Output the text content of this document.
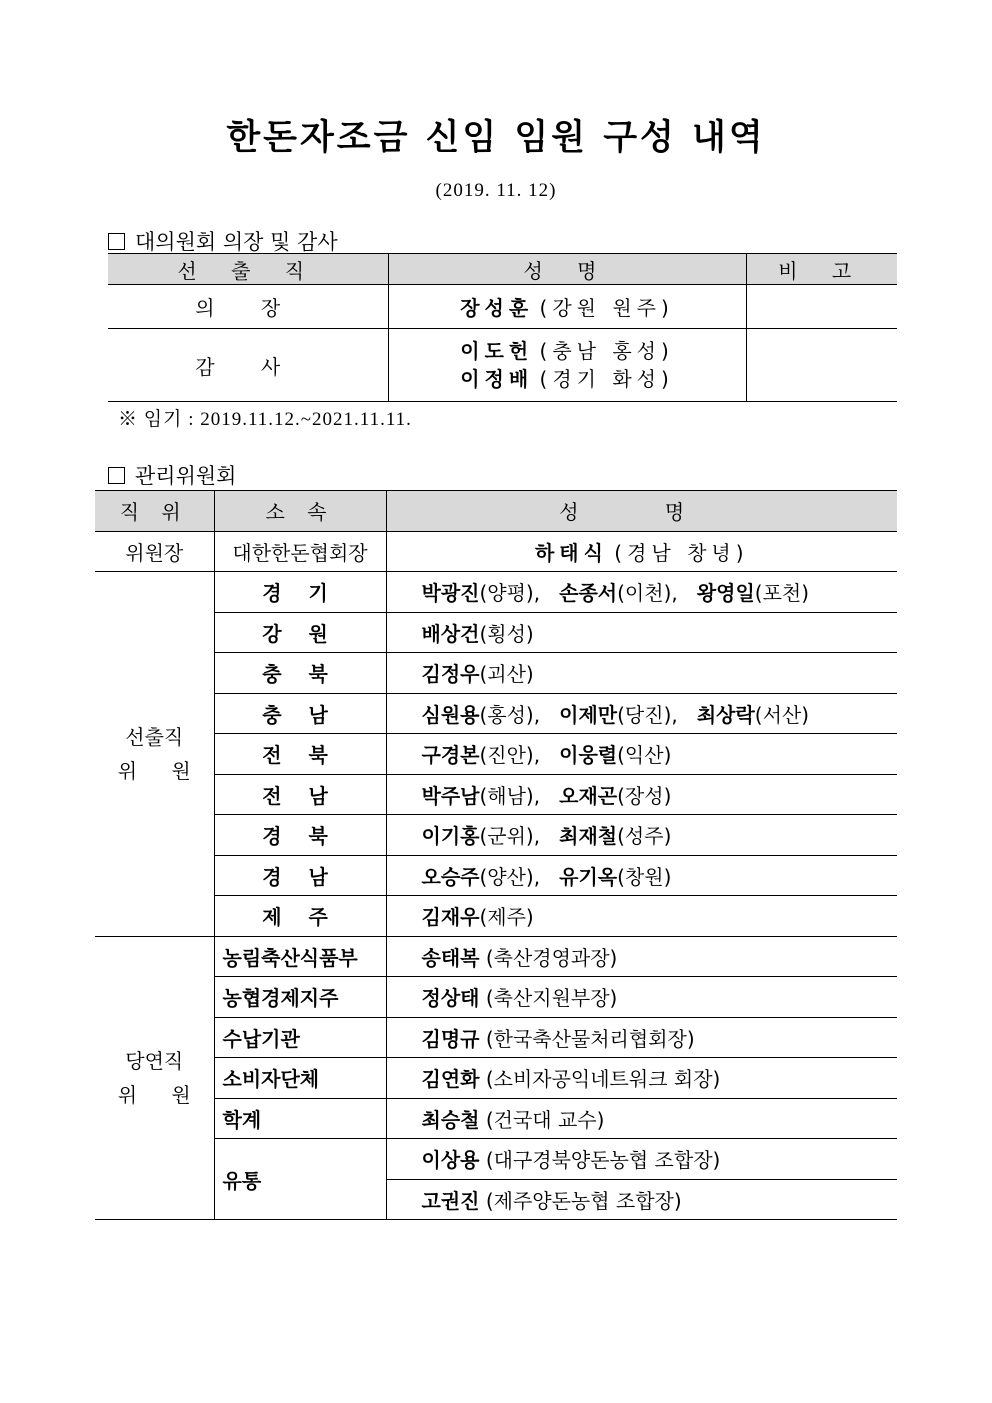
한돈자조금 신임 임원 구성 내역
(2019. 11. 12)
대의원회 의장 및 감사
선 출 직	성 명	비 고
의 장	장성훈 (강원 원주)	
감 사	이도헌 (충남 홍성)
이정배 (경기 화성)	

※ 임기 : 2019.11.12.~2021.11.11.
관리위원회
직 위	소 속	성 명
위원장	대한한돈협회장	하태식 (경남 창녕)

선출직
위 원	경 기	박광진(양평), 손종서(이천), 왕영일(포천)
	강 원	배상건(횡성)
	충 북	김정우(괴산)
	충 남	심원용(홍성), 이제만(당진), 최상락(서산)
	전 북	구경본(진안), 이웅렬(익산)
	전 남	박주남(해남), 오재곤(장성)
	경 북	이기홍(군위), 최재철(성주)
	경 남	오승주(양산), 유기옥(창원)
	제 주	김재우(제주)

당연직
위 원	농림축산식품부	송태복 (축산경영과장)
	농협경제지주	정상태 (축산지원부장)
	수납기관	김명규 (한국축산물처리협회장)
	소비자단체	김연화 (소비자공익네트워크 회장)
	학계	최승철 (건국대 교수)
	유통	이상용 (대구경북양돈농협 조합장)
		고권진 (제주양돈농협 조합장)
